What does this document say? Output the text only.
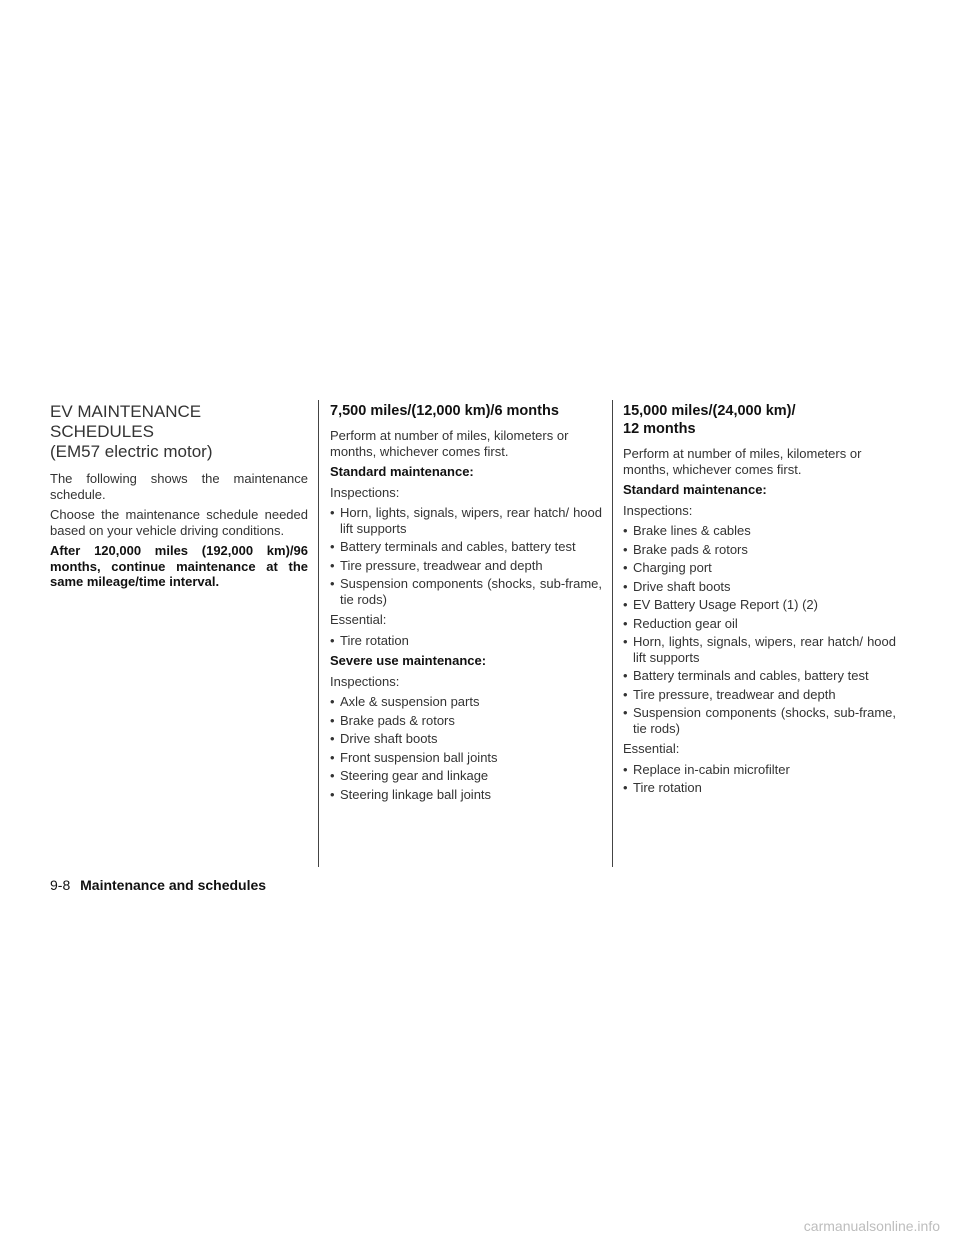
EV MAINTENANCE SCHEDULES
(EM57 electric motor)

The following shows the maintenance schedule.

Choose the maintenance schedule needed based on your vehicle driving conditions.

After 120,000 miles (192,000 km)/96 months, continue maintenance at the same mileage/time interval.

7,500 miles/(12,000 km)/6 months

Perform at number of miles, kilometers or months, whichever comes first.

Standard maintenance:

Inspections:

• Horn, lights, signals, wipers, rear hatch/ hood lift supports
• Battery terminals and cables, battery test
• Tire pressure, treadwear and depth
• Suspension components (shocks, sub-frame, tie rods)

Essential:

• Tire rotation

Severe use maintenance:

Inspections:

• Axle & suspension parts
• Brake pads & rotors
• Drive shaft boots
• Front suspension ball joints
• Steering gear and linkage
• Steering linkage ball joints
15,000 miles/(24,000 km)/
12 months

Perform at number of miles, kilometers or months, whichever comes first.

Standard maintenance:

Inspections:

• Brake lines & cables
• Brake pads & rotors
• Charging port
• Drive shaft boots
• EV Battery Usage Report (1) (2)
• Reduction gear oil
• Horn, lights, signals, wipers, rear hatch/ hood lift supports
• Battery terminals and cables, battery test
• Tire pressure, treadwear and depth
• Suspension components (shocks, sub-frame, tie rods)

Essential:

• Replace in-cabin microfilter
• Tire rotation
9-8 Maintenance and schedules
carmanualsonline.info
